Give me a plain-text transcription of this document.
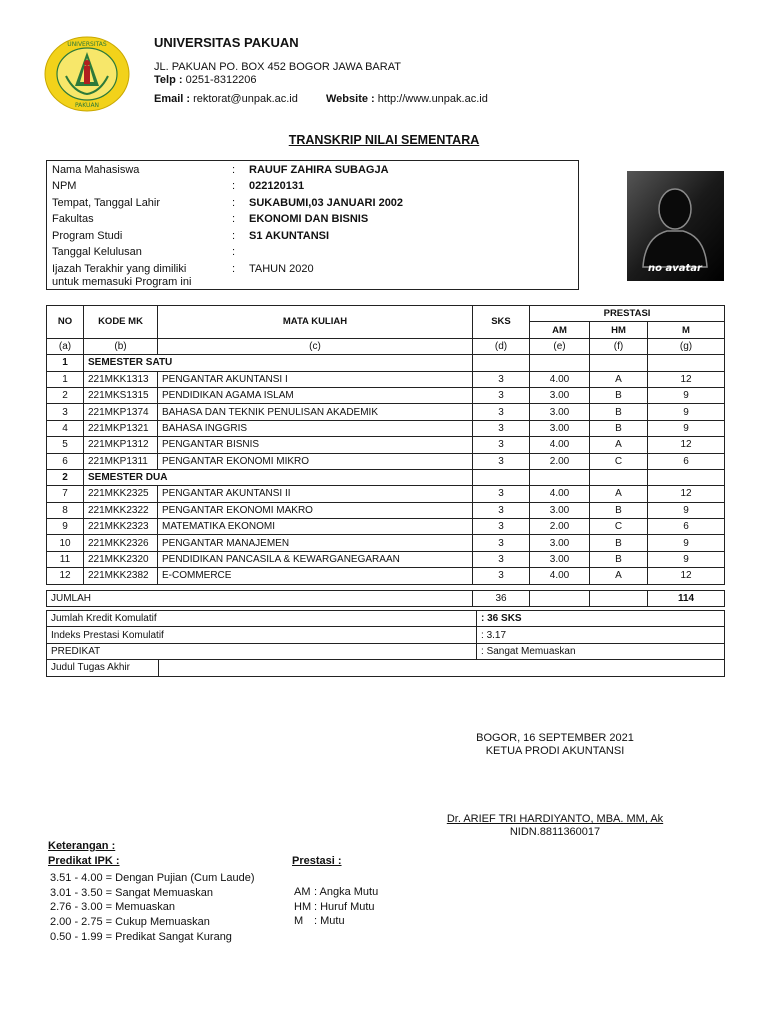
UNIVERSITAS
PAKUAN
UNIVERSITAS PAKUAN
JL. PAKUAN PO. BOX 452 BOGOR JAWA BARAT
Telp : 0251-8312206
Email : rektorat@unpak.ac.id	Website : http://www.unpak.ac.id
TRANSKRIP NILAI SEMENTARA
no avatar
Nama Mahasiswa	: RAUUF ZAHIRA SUBAGJA
NPM	: 022120131
Tempat, Tanggal Lahir	: SUKABUMI,03 JANUARI 2002
Fakultas	: EKONOMI DAN BISNIS
Program Studi	: S1 AKUNTANSI
Tanggal Kelulusan	:
Ijazah Terakhir yang dimiliki	: TAHUN 2020
untuk memasuki Program ini
NO	KODE MK	MATA KULIAH	SKS	PRESTASI		
				AM	HM	M
(a)	(b)	(c)	(d)	(e)	(f)	(g)
1	SEMESTER SATU					
1	221MKK1313	PENGANTAR AKUNTANSI I	3	4.00	A	12
2	221MKS1315	PENDIDIKAN AGAMA ISLAM	3	3.00	B	9
3	221MKP1374	BAHASA DAN TEKNIK PENULISAN AKADEMIK	3	3.00	B	9
4	221MKP1321	BAHASA INGGRIS	3	3.00	B	9
5	221MKP1312	PENGANTAR BISNIS	3	4.00	A	12
6	221MKP1311	PENGANTAR EKONOMI MIKRO	3	2.00	C	6
2	SEMESTER DUA					
7	221MKK2325	PENGANTAR AKUNTANSI II	3	4.00	A	12
8	221MKK2322	PENGANTAR EKONOMI MAKRO	3	3.00	B	9
9	221MKK2323	MATEMATIKA EKONOMI	3	2.00	C	6
10	221MKK2326	PENGANTAR MANAJEMEN	3	3.00	B	9
11	221MKK2320	PENDIDIKAN PANCASILA & KEWARGANEGARAAN	3	3.00	B	9
12	221MKK2382	E-COMMERCE	3	4.00	A	12

JUMLAH			36			114
Jumlah Kredit Komulatif		: 36 SKS
Indeks Prestasi Komulatif		: 3.17
PREDIKAT		: Sangat Memuaskan
Judul Tugas Akhir		
BOGOR, 16 SEPTEMBER 2021
KETUA PRODI AKUNTANSI
Dr. ARIEF TRI HARDIYANTO, MBA. MM, Ak
NIDN.8811360017
Keterangan :
Predikat IPK :	Prestasi :
3.51 - 4.00 = Dengan Pujian (Cum Laude)
3.01 - 3.50 = Sangat Memuaskan
2.76 - 3.00 = Memuaskan
2.00 - 2.75 = Cukup Memuaskan
0.50 - 1.99 = Predikat Sangat Kurang
AM : Angka Mutu
HM : Huruf Mutu
M : Mutu
